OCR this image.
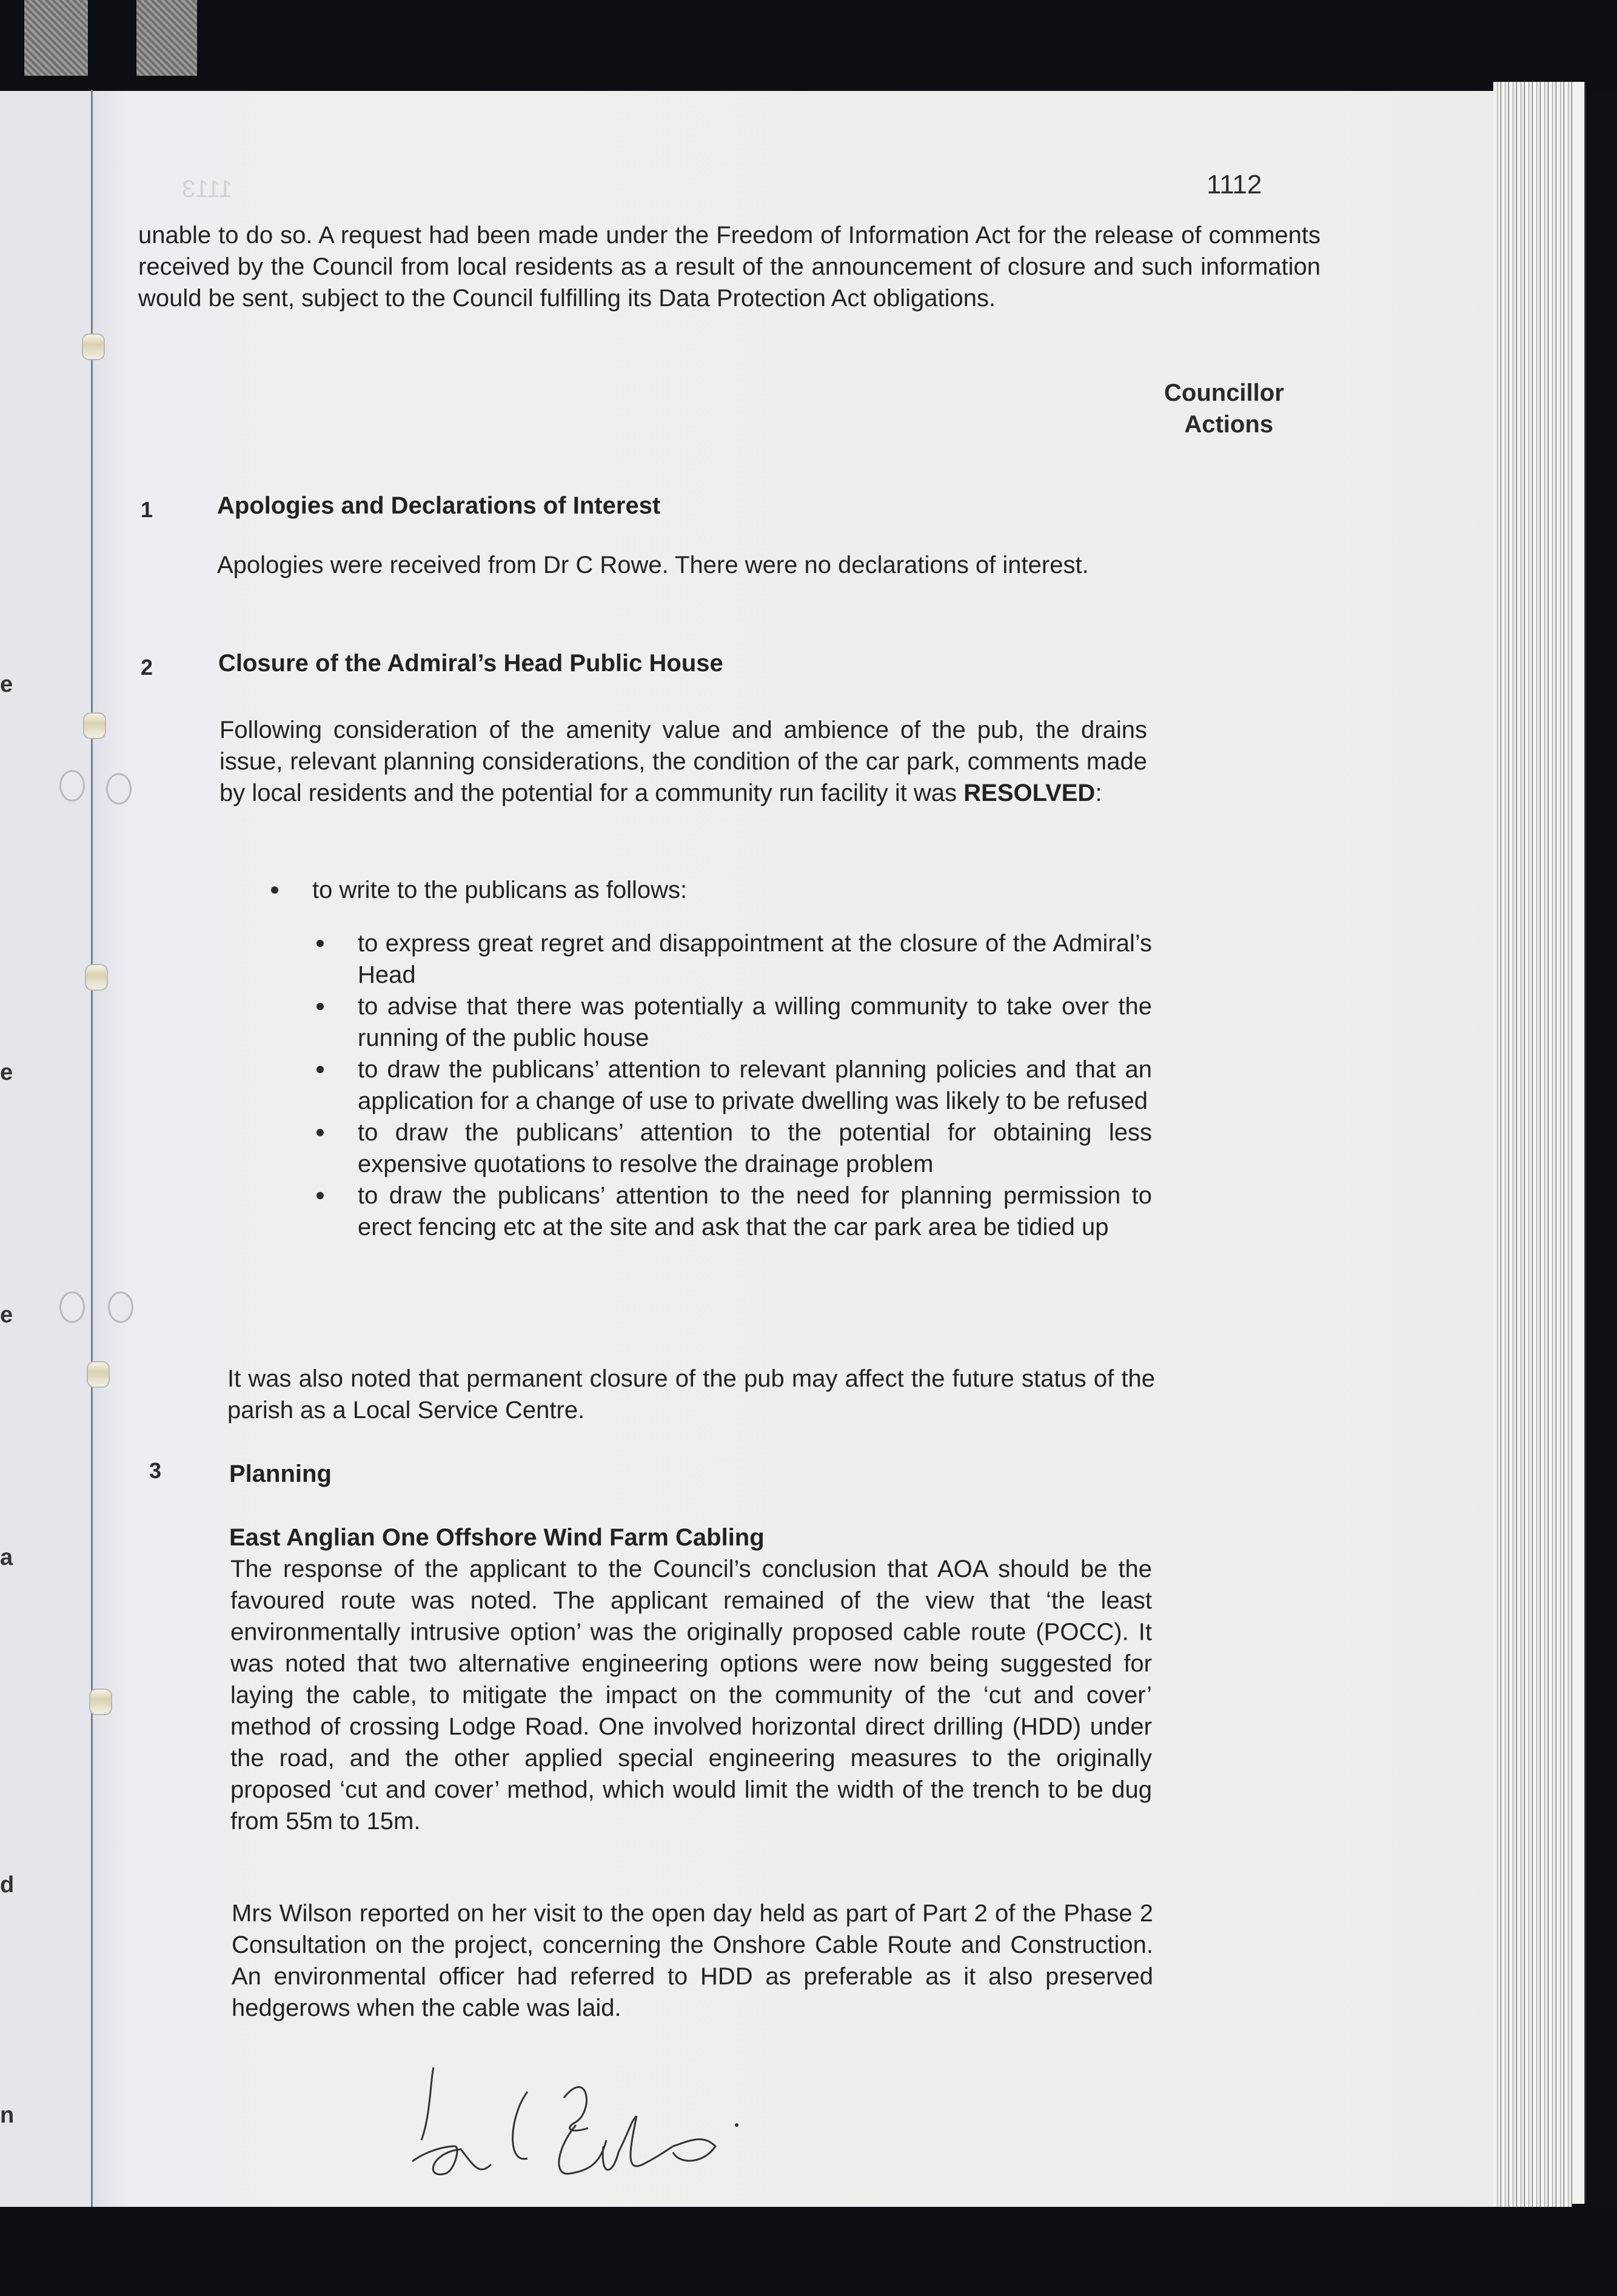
e
e
e
a
d
n
1113	1112
unable to do so. A request had been made under the Freedom of Information Act for the release of comments received by the Council from local residents as a result of the announcement of closure and such information would be sent, subject to the Council fulfilling its Data Protection Act obligations.
Councillor Actions
1	Apologies and Declarations of Interest
Apologies were received from Dr C Rowe. There were no declarations of interest.
2	Closure of the Admiral’s Head Public House
Following consideration of the amenity value and ambience of the pub, the drains issue, relevant planning considerations, the condition of the car park, comments made by local residents and the potential for a community run facility it was RESOLVED:
to write to the publicans as follows:
to express great regret and disappointment at the closure of the Admiral’s Head
to advise that there was potentially a willing community to take over the running of the public house
to draw the publicans’ attention to relevant planning policies and that an application for a change of use to private dwelling was likely to be refused
to draw the publicans’ attention to the potential for obtaining less expensive quotations to resolve the drainage problem
to draw the publicans’ attention to the need for planning permission to erect fencing etc at the site and ask that the car park area be tidied up
It was also noted that permanent closure of the pub may affect the future status of the parish as a Local Service Centre.
3	Planning
East Anglian One Offshore Wind Farm Cabling
The response of the applicant to the Council’s conclusion that AOA should be the favoured route was noted. The applicant remained of the view that ‘the least environmentally intrusive option’ was the originally proposed cable route (POCC). It was noted that two alternative engineering options were now being suggested for laying the cable, to mitigate the impact on the community of the ‘cut and cover’ method of crossing Lodge Road. One involved horizontal direct drilling (HDD) under the road, and the other applied special engineering measures to the originally proposed ‘cut and cover’ method, which would limit the width of the trench to be dug from 55m to 15m.
Mrs Wilson reported on her visit to the open day held as part of Part 2 of the Phase 2 Consultation on the project, concerning the Onshore Cable Route and Construction. An environmental officer had referred to HDD as preferable as it also preserved hedgerows when the cable was laid.
